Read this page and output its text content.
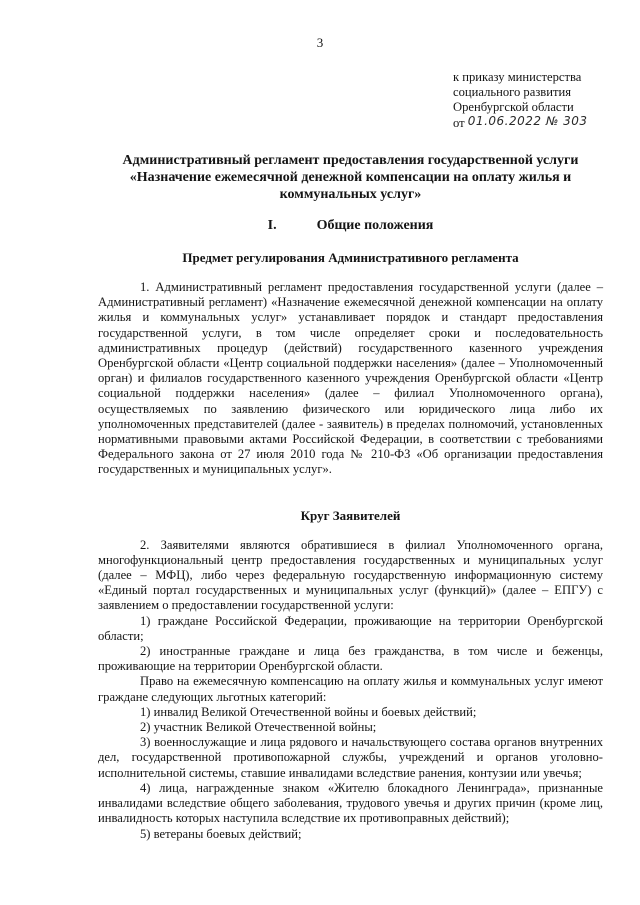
3
к приказу министерства
социального развития
Оренбургской области
от 01.06.2022 № 303
Административный регламент предоставления государственной услуги «Назначение ежемесячной денежной компенсации на оплату жилья и коммунальных услуг»
I.	Общие положения
Предмет регулирования Административного регламента

1. Административный регламент предоставления государственной услуги (далее – Административный регламент) «Назначение ежемесячной денежной компенсации на оплату жилья и коммунальных услуг» устанавливает порядок и стандарт предоставления государственной услуги, в том числе определяет сроки и последовательность административных процедур (действий) государственного казенного учреждения Оренбургской области «Центр социальной поддержки населения» (далее – Уполномоченный орган) и филиалов государственного казенного учреждения Оренбургской области «Центр социальной поддержки населения» (далее – филиал Уполномоченного органа), осуществляемых по заявлению физического или юридического лица либо их уполномоченных представителей (далее - заявитель) в пределах полномочий, установленных нормативными правовыми актами Российской Федерации, в соответствии с требованиями Федерального закона от 27 июля 2010 года № 210-ФЗ «Об организации предоставления государственных и муниципальных услуг».

Круг Заявителей

2. Заявителями являются обратившиеся в филиал Уполномоченного органа, многофункциональный центр предоставления государственных и муниципальных услуг (далее – МФЦ), либо через федеральную государственную информационную систему «Единый портал государственных и муниципальных услуг (функций)» (далее – ЕПГУ) с заявлением о предоставлении государственной услуги:

1) граждане Российской Федерации, проживающие на территории Оренбургской области;

2) иностранные граждане и лица без гражданства, в том числе и беженцы, проживающие на территории Оренбургской области.

Право на ежемесячную компенсацию на оплату жилья и коммунальных услуг имеют граждане следующих льготных категорий:

1) инвалид Великой Отечественной войны и боевых действий;

2) участник Великой Отечественной войны;

3) военнослужащие и лица рядового и начальствующего состава органов внутренних дел, государственной противопожарной службы, учреждений и органов уголовно-исполнительной системы, ставшие инвалидами вследствие ранения, контузии или увечья;

4) лица, награжденные знаком «Жителю блокадного Ленинграда», признанные инвалидами вследствие общего заболевания, трудового увечья и других причин (кроме лиц, инвалидность которых наступила вследствие их противоправных действий);

5) ветераны боевых действий;
